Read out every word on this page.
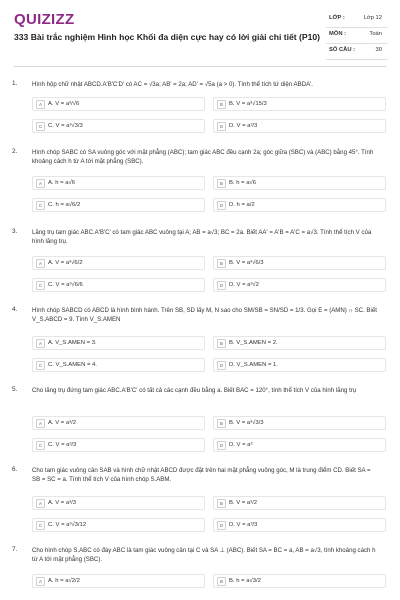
QUIZIZZ
333 Bài trắc nghiệm Hình học Khối đa diện cực hay có lời giải chi tiết (P10)
LỚP :	Lớp 12
MÔN :	Toán
SỐ CÂU :	30
1. Hình hộp chữ nhật ABCD.A'B'C'D' có AC = √3a; AB' = 2a; AD' = √5a (a > 0). Tính thể tích tứ diện ABDA'.
A	A. V = a³/√6	B	B. V = a³√15/3
C C. V = a³√3/3	D D. V = a³/3
2. Hình chóp SABC có SA vuông góc với mặt phẳng (ABC); tam giác ABC đều cạnh 2a; góc giữa (SBC) và (ABC) bằng 45°. Tính khoảng cách h từ A tới mặt phẳng (SBC).
A	A. h = a√6	B	B. h = a√6
C C. h = a√6/2	D D. h = a/2
3. Lăng trụ tam giác ABC.A'B'C' có tam giác ABC vuông tại A; AB = a√3; BC = 2a. Biết AA' = A'B = A'C = a√3. Tính thể tích V của hình lăng trụ.
A	A. V = a³√6/2	B	B. V = a³√6/3
C C. V = a³√6/6	D D. V = a³√2
4. Hình chóp SABCD có ABCD là hình bình hành. Trên SB, SD lấy M, N sao cho SM/SB = SN/SD = 1/3. Gọi E = (AMN) ∩ SC. Biết V_S.ABCD = 9. Tính V_S.AMEN
A	A. V_S.AMEN = 3.	B	B. V_S.AMEN = 2.
C C. V_S.AMEN = 4.	D D. V_S.AMEN = 1.
5. Cho lăng trụ đứng tam giác ABC.A'B'C' có tất cả các cạnh đều bằng a. Biết BAC = 120°, tính thể tích V của hình lăng trụ
A	A. V = a³/2	B	B. V = a³√3/3
C C. V = a³/3	D D. V = a³
6. Cho tam giác vuông cân SAB và hình chữ nhật ABCD được đặt trên hai mặt phẳng vuông góc, M là trung điểm CD. Biết SA = SB = SC = a. Tính thể tích V của hình chóp S.ABM.
A	A. V = a³/3	B	B. V = a³/2
C C. V = a³√3/12	D D. V = a³/3
7. Cho hình chóp S.ABC có đáy ABC là tam giác vuông cân tại C và SA ⊥ (ABC). Biết SA = BC = a, AB = a√3, tính khoảng cách h từ A tới mặt phẳng (SBC).
A	A. h = a√2/2	B	B. h = a√3/2
